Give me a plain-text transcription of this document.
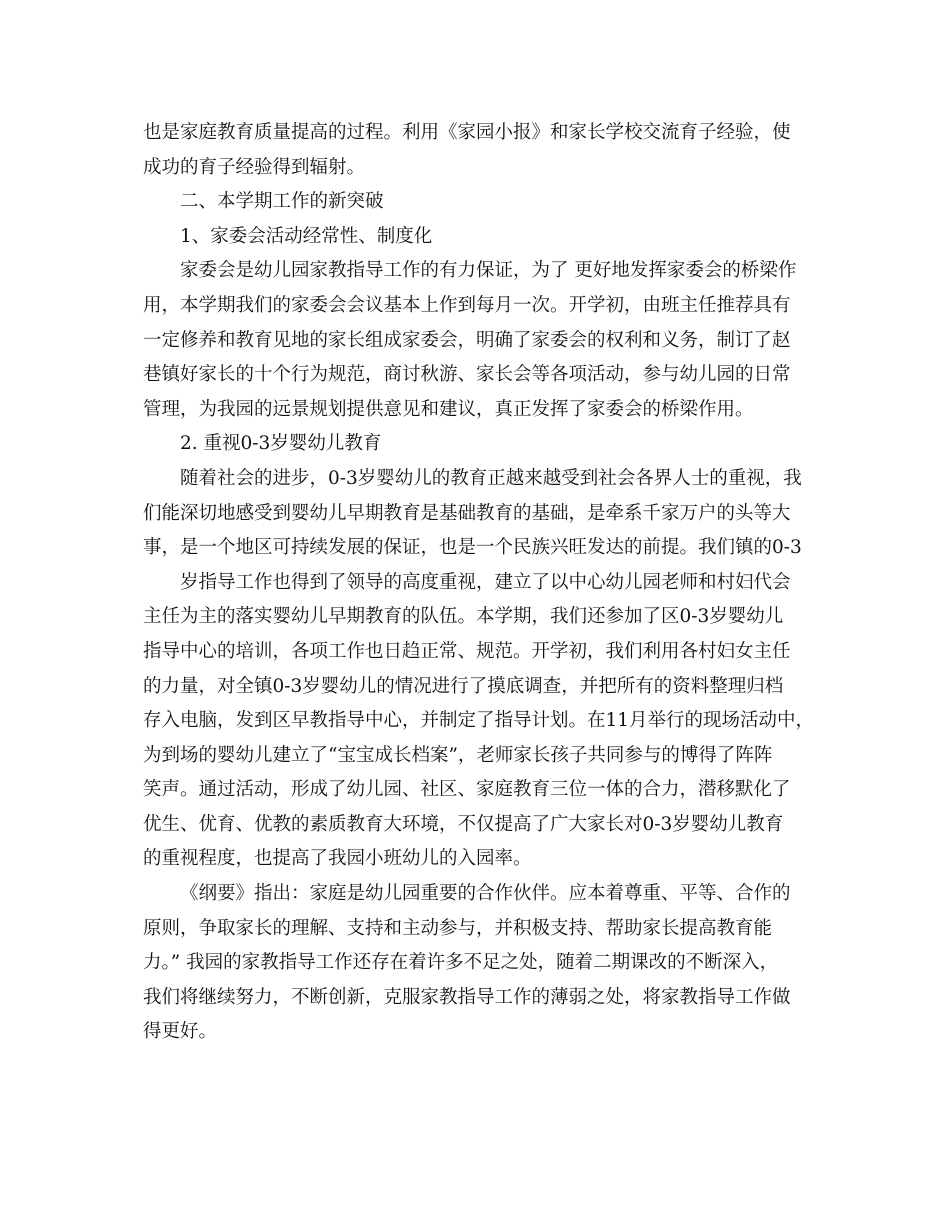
也是家庭教育质量提高的过程。利用《家园小报》和家长学校交流育子经验，使
成功的育子经验得到辐射。
二、本学期工作的新突破
1、家委会活动经常性、制度化
家委会是幼儿园家教指导工作的有力保证，为了 更好地发挥家委会的桥梁作
用，本学期我们的家委会会议基本上作到每月一次。开学初，由班主任推荐具有
一定修养和教育见地的家长组成家委会，明确了家委会的权利和义务，制订了赵
巷镇好家长的十个行为规范，商讨秋游、家长会等各项活动，参与幼儿园的日常
管理，为我园的远景规划提供意见和建议，真正发挥了家委会的桥梁作用。
2. 重视0-3岁婴幼儿教育
随着社会的进步，0-3岁婴幼儿的教育正越来越受到社会各界人士的重视，我
们能深切地感受到婴幼儿早期教育是基础教育的基础，是牵系千家万户的头等大
事，是一个地区可持续发展的保证，也是一个民族兴旺发达的前提。我们镇的0-3
岁指导工作也得到了领导的高度重视，建立了以中心幼儿园老师和村妇代会
主任为主的落实婴幼儿早期教育的队伍。本学期，我们还参加了区0-3岁婴幼儿
指导中心的培训，各项工作也日趋正常、规范。开学初，我们利用各村妇女主任
的力量，对全镇0-3岁婴幼儿的情况进行了摸底调查，并把所有的资料整理归档
存入电脑，发到区早教指导中心，并制定了指导计划。在11月举行的现场活动中，
为到场的婴幼儿建立了“宝宝成长档案”，老师家长孩子共同参与的博得了阵阵
笑声。通过活动，形成了幼儿园、社区、家庭教育三位一体的合力，潜移默化了
优生、优育、优教的素质教育大环境，不仅提高了广大家长对0-3岁婴幼儿教育
的重视程度，也提高了我园小班幼儿的入园率。
《纲要》指出：家庭是幼儿园重要的合作伙伴。应本着尊重、平等、合作的
原则，争取家长的理解、支持和主动参与，并积极支持、帮助家长提高教育能
力。” 我园的家教指导工作还存在着许多不足之处，随着二期课改的不断深入，
我们将继续努力，不断创新，克服家教指导工作的薄弱之处，将家教指导工作做
得更好。
